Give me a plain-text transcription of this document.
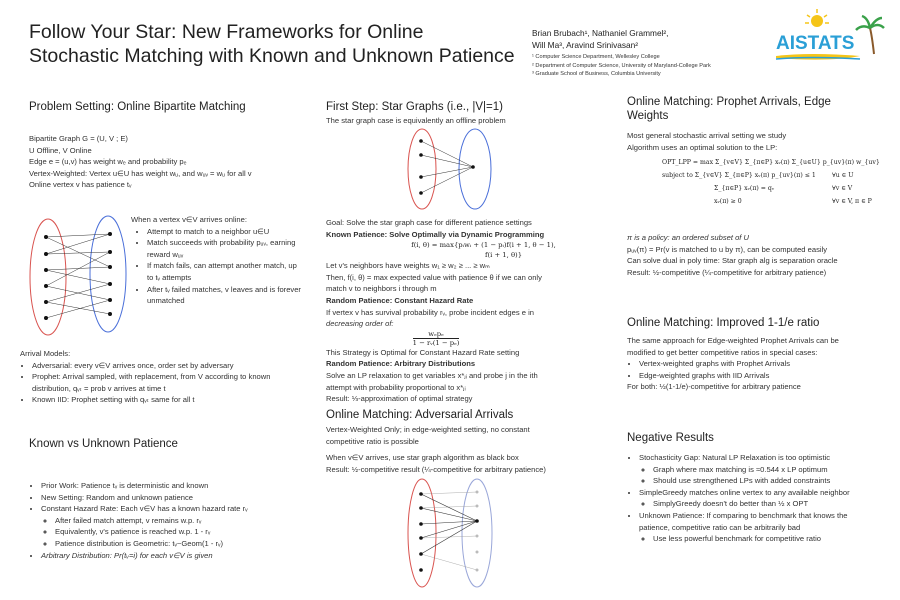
Follow Your Star: New Frameworks for Online
Stochastic Matching with Known and Unknown Patience
Brian Brubach¹, Nathaniel Grammel²,
Will Ma³, Aravind Srinivasan²
¹ Computer Science Department, Wellesley College
² Department of Computer Science, University of Maryland-College Park
³ Graduate School of Business, Columbia University
AISTATS
Problem Setting: Online Bipartite Matching

Bipartite Graph G = (U, V ; E)

U Offline, V Online

Edge e = (u,v) has weight wₑ and probability pₑ

Vertex-Weighted: Vertex u∈U has weight wᵤ, and wᵤᵥ = wᵤ for all v

Online vertex v has patience tᵥ

When a vertex v∈V arrives online:

• Attempt to match to a neighbor u∈U
• Match succeeds with probability pᵤᵥ, earning reward wᵤᵥ
• If match fails, can attempt another match, up to tᵥ attempts
• After tᵥ failed matches, v leaves and is forever unmatched

Arrival Models:

• Adversarial: every v∈V arrives once, order set by adversary
• Prophet: Arrival sampled, with replacement, from V according to known distribution, qᵥₜ = prob v arrives at time t
• Known IID: Prophet setting with qᵥₜ same for all t
Known vs Unknown Patience
• Prior Work: Patience tᵥ is deterministic and known
• New Setting: Random and unknown patience
• Constant Hazard Rate: Each v∈V has a known hazard rate rᵥ
◦ After failed match attempt, v remains w.p. rᵥ
◦ Equivalently, v's patience is reached w.p. 1 - rᵥ
◦ Patience distribution is Geometric: tᵥ~Geom(1 - rᵥ)
• Arbitrary Distribution: Pr(tᵥ=i) for each v∈V is given
First Step: Star Graphs (i.e., |V|=1)
The star graph case is equivalently an offline problem

Goal: Solve the star graph case for different patience settings

Known Patience: Solve Optimally via Dynamic Programming

f(i, θ) = max{pᵢwᵢ + (1 − pᵢ)f(i + 1, θ − 1),
f(i + 1, θ)}

Let v's neighbors have weights w₁ ≥ w₂ ≥ ... ≥ wₘ

Then, f(i, θ) = max expected value with patience θ if we can only

match v to neighbors i through m

Random Patience: Constant Hazard Rate

If vertex v has survival probability rᵥ, probe incident edges e in

decreasing order of:

wₑpₑ
1 − rᵥ(1 − pₑ)

This Strategy is Optimal for Constant Hazard Rate setting

Random Patience: Arbitrary Distributions

Solve an LP relaxation to get variables x*ⱼᵢ and probe j in the ith

attempt with probability proportional to x*ⱼᵢ

Result: ⅓-approximation of optimal strategy

Online Matching: Adversarial Arrivals

Vertex-Weighted Only; in edge-weighted setting, no constant

competitive ratio is possible

When v∈V arrives, use star graph algorithm as black box

Result: ½-competitive result (¼-competitive for arbitrary patience)

Online Matching: Prophet Arrivals, Edge
Weights

Most general stochastic arrival setting we study

Algorithm uses an optimal solution to the LP:

OPT_LPP = max Σ_{v∈V} Σ_{π∈P} xᵥ(π) Σ_{u∈U} p_{uv}(π) w_{uv}
subject to Σ_{v∈V} Σ_{π∈P} xᵥ(π) p_{uv}(π) ≤ 1	∀u ∈ U
Σ_{π∈P} xᵥ(π) = qᵥ	∀v ∈ V
xᵥ(π) ≥ 0	∀v ∈ V, π ∈ P

π is a policy: an ordered subset of U

pᵤᵥ(π) = Pr(v is matched to u by π), can be computed easily

Can solve dual in poly time: Star graph alg is separation oracle

Result: ½-competitive (¼-competitive for arbitrary patience)

Online Matching: Improved 1-1/e ratio

The same approach for Edge-weighted Prophet Arrivals can be

modified to get better competitive ratios in special cases:

• Vertex-weighted graphs with Prophet Arrivals
• Edge-weighted graphs with IID Arrivals

For both: ½(1-1/e)-competitive for arbitrary patience

Negative Results
• Stochasticity Gap: Natural LP Relaxation is too optimistic
◦ Graph where max matching is ≈0.544 x LP optimum
◦ Should use strengthened LPs with added constraints
• SimpleGreedy matches online vertex to any available neighbor
◦ SimplyGreedy doesn't do better than ½ x OPT
• Unknown Patience: If comparing to benchmark that knows the
patience, competitive ratio can be arbitrarily bad
◦ Use less powerful benchmark for competitive ratio
